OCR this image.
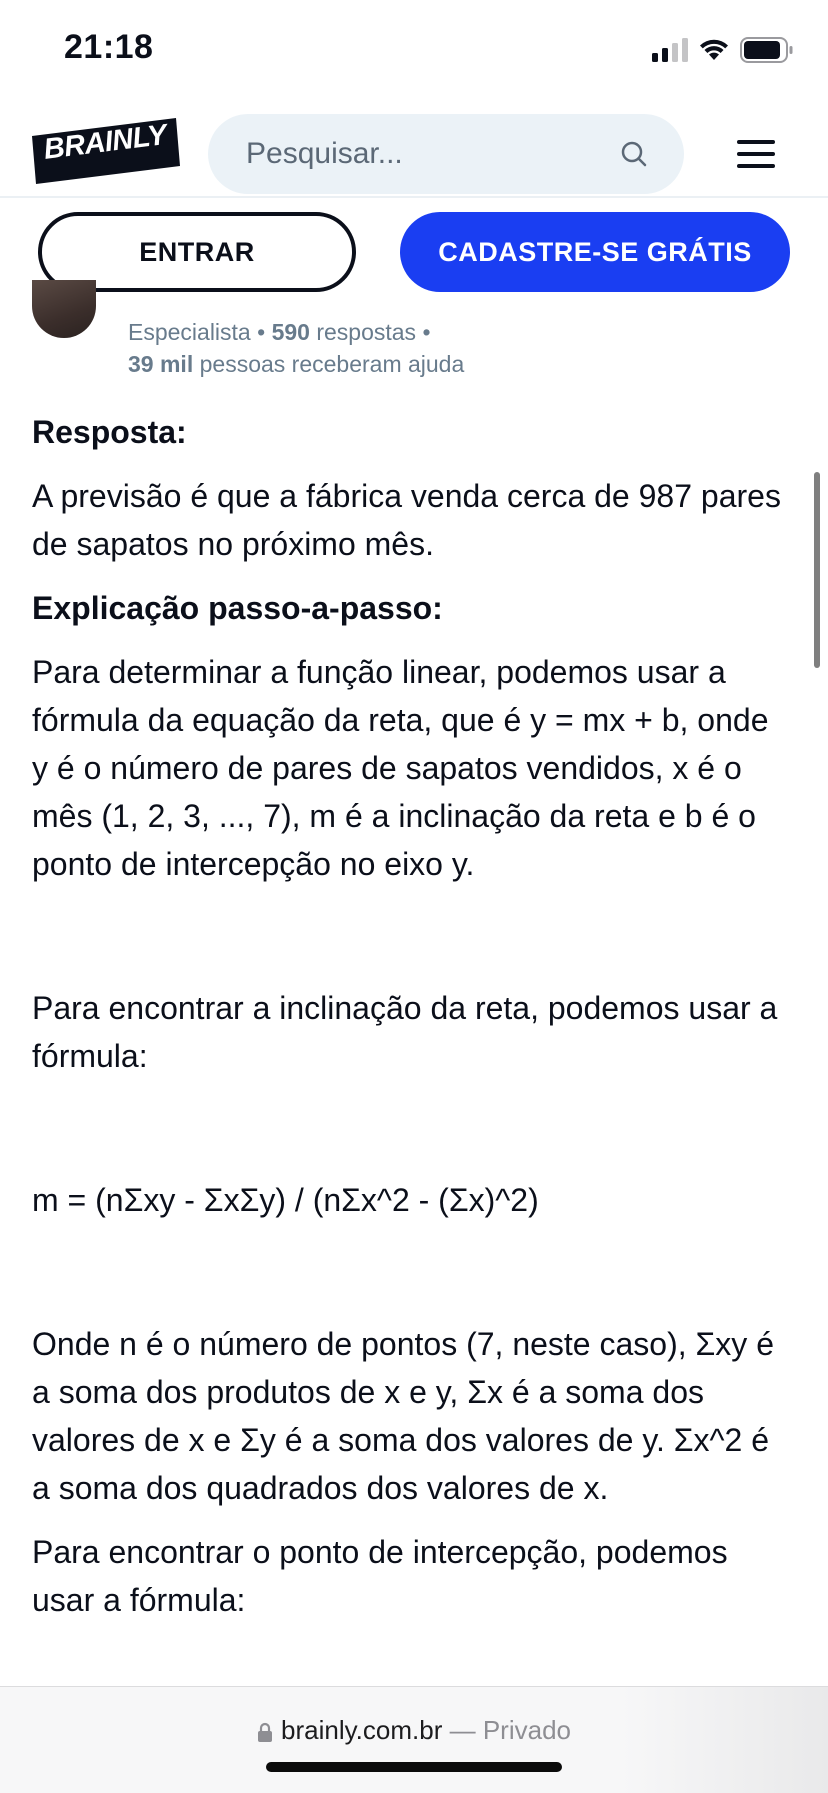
21:18
BRAINLY
Pesquisar...
ENTRAR	CADASTRE-SE GRÁTIS
Especialista • 590 respostas •
39 mil pessoas receberam ajuda
Resposta:

A previsão é que a fábrica venda cerca de 987 pares de sapatos no próximo mês.

Explicação passo-a-passo:

Para determinar a função linear, podemos usar a fórmula da equação da reta, que é y = mx + b, onde y é o número de pares de sapatos vendidos, x é o mês (1, 2, 3, ..., 7), m é a inclinação da reta e b é o ponto de intercepção no eixo y.

Para encontrar a inclinação da reta, podemos usar a fórmula:

m = (nΣxy - ΣxΣy) / (nΣx^2 - (Σx)^2)

Onde n é o número de pontos (7, neste caso), Σxy é a soma dos produtos de x e y, Σx é a soma dos valores de x e Σy é a soma dos valores de y. Σx^2 é a soma dos quadrados dos valores de x.

Para encontrar o ponto de intercepção, podemos usar a fórmula:

brainly.com.br — Privado
